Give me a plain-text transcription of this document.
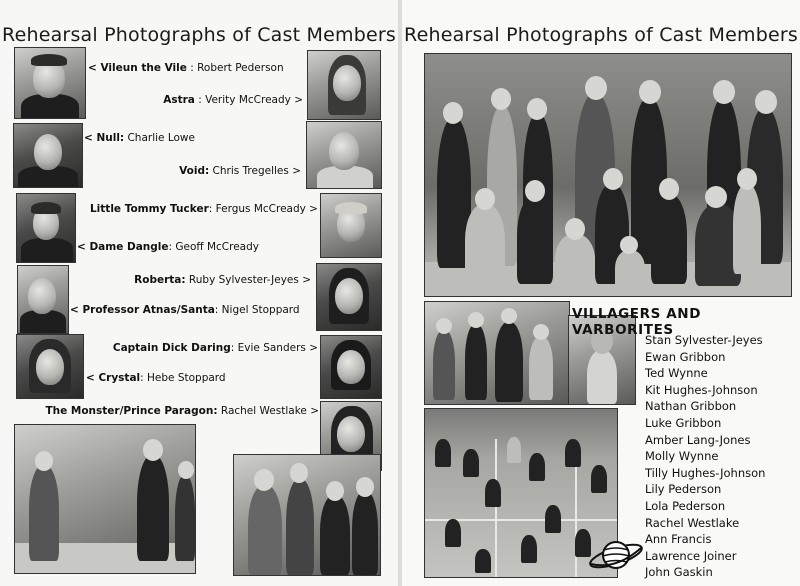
Rehearsal Photographs of Cast Members
< Vileun the Vile : Robert Pederson
Astra : Verity McCready >
< Null: Charlie Lowe
Void: Chris Tregelles >
Little Tommy Tucker: Fergus McCready >
< Dame Dangle: Geoff McCready
Roberta: Ruby Sylvester-Jeyes >
< Professor Atnas/Santa: Nigel Stoppard
Captain Dick Daring: Evie Sanders >
< Crystal: Hebe Stoppard
The Monster/Prince Paragon: Rachel Westlake >
Rehearsal Photographs of Cast Members
VILLAGERS AND VARBORITES
Stan Sylvester-Jeyes
Ewan Gribbon
Ted Wynne
Kit Hughes-Johnson
Nathan Gribbon
Luke Gribbon
Amber Lang-Jones
Molly Wynne
Tilly Hughes-Johnson
Lily Pederson
Lola Pederson
Rachel Westlake
Ann Francis
Lawrence Joiner
John Gaskin
